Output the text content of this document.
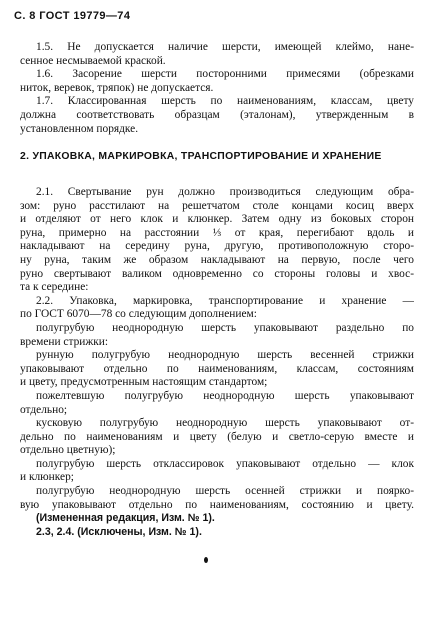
С. 8 ГОСТ 19779—74
1.5. Не допускается наличие шерсти, имеющей клеймо, нане-
сенное несмываемой краской.
1.6. Засорение шерсти посторонними примесями (обрезками
ниток, веревок, тряпок) не допускается.
1.7. Классированная шерсть по наименованиям, классам, цвету
должна соответствовать образцам (эталонам), утвержденным в
установленном порядке.
2. УПАКОВКА, МАРКИРОВКА, ТРАНСПОРТИРОВАНИЕ И ХРАНЕНИЕ
2.1. Свертывание рун должно производиться следующим обра-
зом: руно расстилают на решетчатом столе концами косиц вверх
и отделяют от него клок и клюнкер. Затем одну из боковых сторон
руна, примерно на расстоянии ⅓ от края, перегибают вдоль и
накладывают на середину руна, другую, противоположную сторо-
ну руна, таким же образом накладывают на первую, после чего
руно свертывают валиком одновременно со стороны головы и хвос-
та к середине:
2.2. Упаковка, маркировка, транспортирование и хранение —
по ГОСТ 6070—78 со следующим дополнением:
полугрубую неоднородную шерсть упаковывают раздельно по
времени стрижки:
рунную полугрубую неоднородную шерсть весенней стрижки
упаковывают отдельно по наименованиям, классам, состояниям
и цвету, предусмотренным настоящим стандартом;
пожелтевшую полугрубую неоднородную шерсть упаковывают
отдельно;
кусковую полугрубую неоднородную шерсть упаковывают от-
дельно по наименованиям и цвету (белую и светло-серую вместе и
отдельно цветную);
полугрубую шерсть отклассировок упаковывают отдельно — клок
и клюнкер;
полугрубую неоднородную шерсть осенней стрижки и поярко-
вую упаковывают отдельно по наименованиям, состоянию и цвету.
(Измененная редакция, Изм. № 1).
2.3, 2.4. (Исключены, Изм. № 1).
